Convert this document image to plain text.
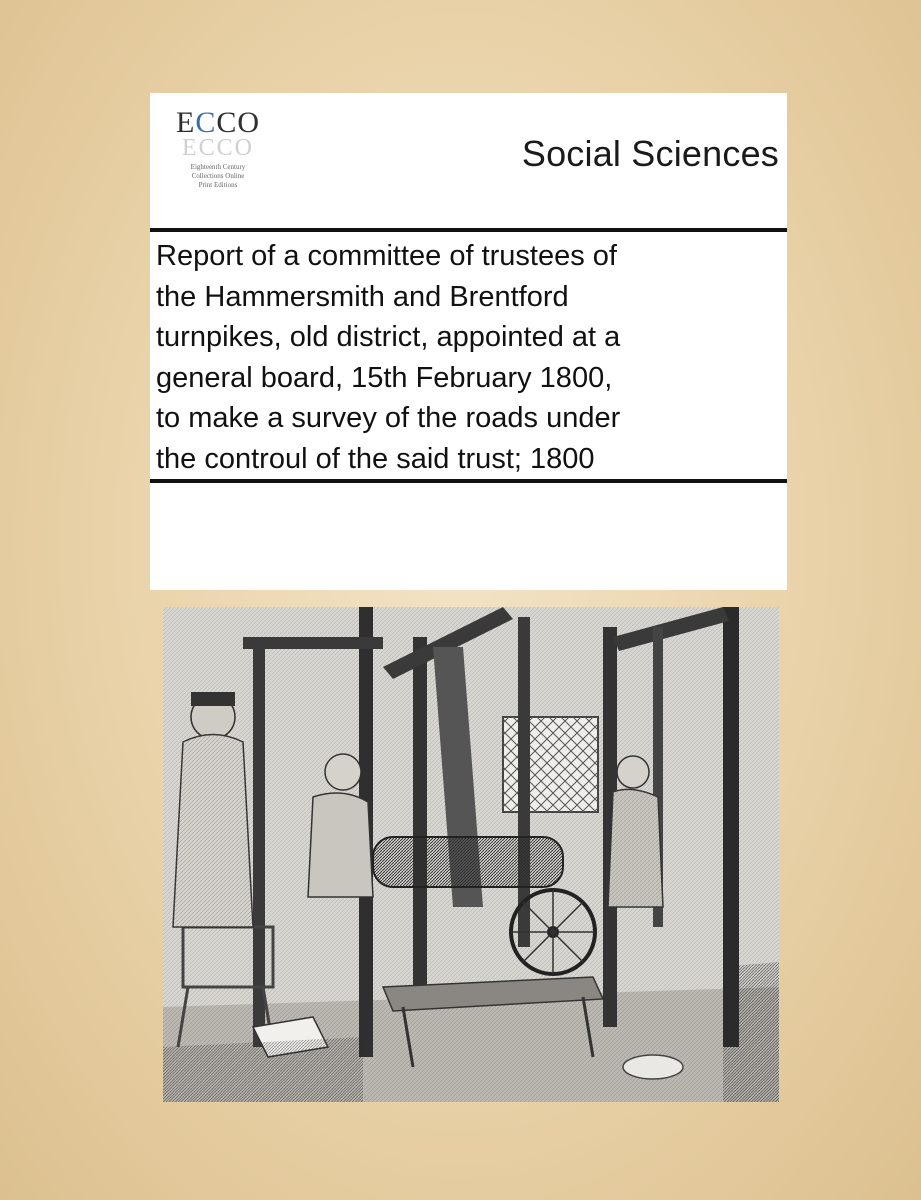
ECCO
ECCO
Eighteenth Century
Collections Online
Print Editions
Social Sciences
Report of a committee of trustees of
the Hammersmith and Brentford
turnpikes, old district, appointed at a
general board, 15th February 1800,
to make a survey of the roads under
the controul of the said trust; 1800
